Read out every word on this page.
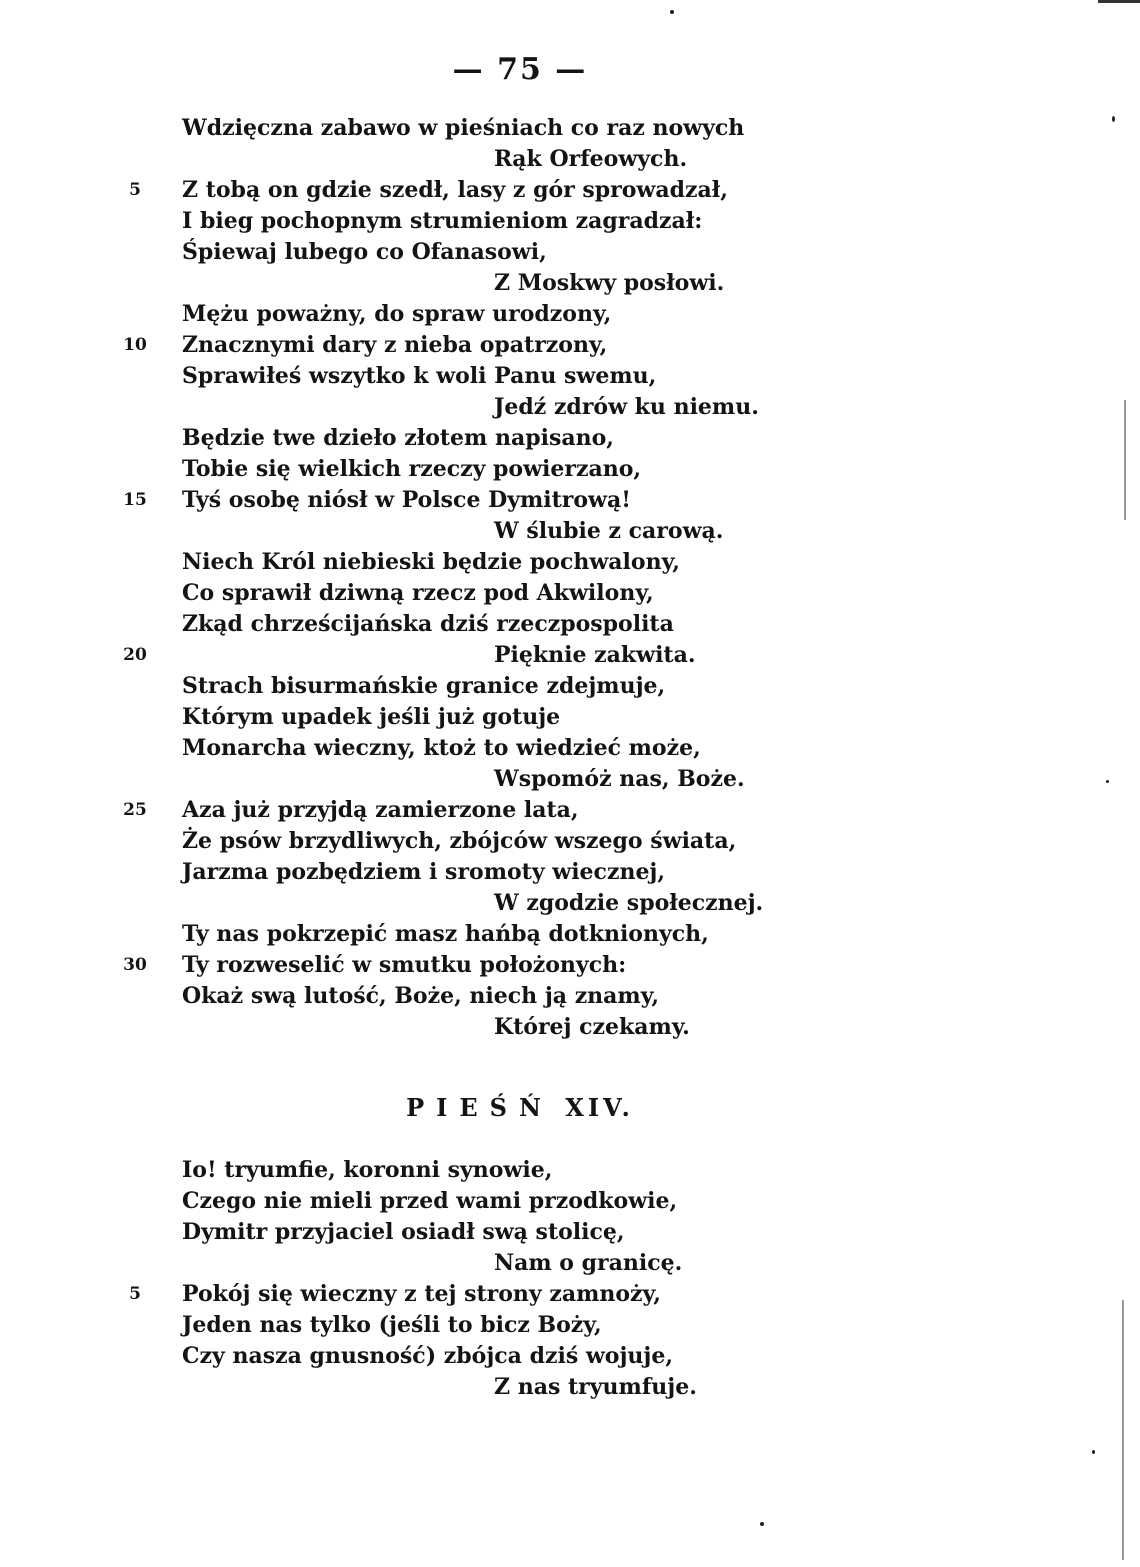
— 75 —
Wdzięczna zabawo w pieśniach co raz nowych
Rąk Orfeowych.
Z tobą on gdzie szedł, lasy z gór sprowadzał,
5
I bieg pochopnym strumieniom zagradzał:
Śpiewaj lubego co Ofanasowi,
Z Moskwy posłowi.
Mężu poważny, do spraw urodzony,
Znacznymi dary z nieba opatrzony,
10
Sprawiłeś wszytko k woli Panu swemu,
Jedź zdrów ku niemu.
Będzie twe dzieło złotem napisano,
Tobie się wielkich rzeczy powierzano,
Tyś osobę niósł w Polsce Dymitrową!
15
W ślubie z carową.
Niech Król niebieski będzie pochwalony,
Co sprawił dziwną rzecz pod Akwilony,
Zkąd chrześcijańska dziś rzeczpospolita
Pięknie zakwita.
20
Strach bisurmańskie granice zdejmuje,
Którym upadek jeśli już gotuje
Monarcha wieczny, ktoż to wiedzieć może,
Wspomóż nas, Boże.
Aza już przyjdą zamierzone lata,
25
Że psów brzydliwych, zbójców wszego świata,
Jarzma pozbędziem i sromoty wiecznej,
W zgodzie społecznej.
Ty nas pokrzepić masz hańbą dotknionych,
Ty rozweselić w smutku położonych:
30
Okaż swą lutość, Boże, niech ją znamy,
Której czekamy.
PIEŚŃ XIV.
Io! tryumfie, koronni synowie,
Czego nie mieli przed wami przodkowie,
Dymitr przyjaciel osiadł swą stolicę,
Nam o granicę.
Pokój się wieczny z tej strony zamnoży,
5
Jeden nas tylko (jeśli to bicz Boży,
Czy nasza gnusność) zbójca dziś wojuje,
Z nas tryumfuje.
